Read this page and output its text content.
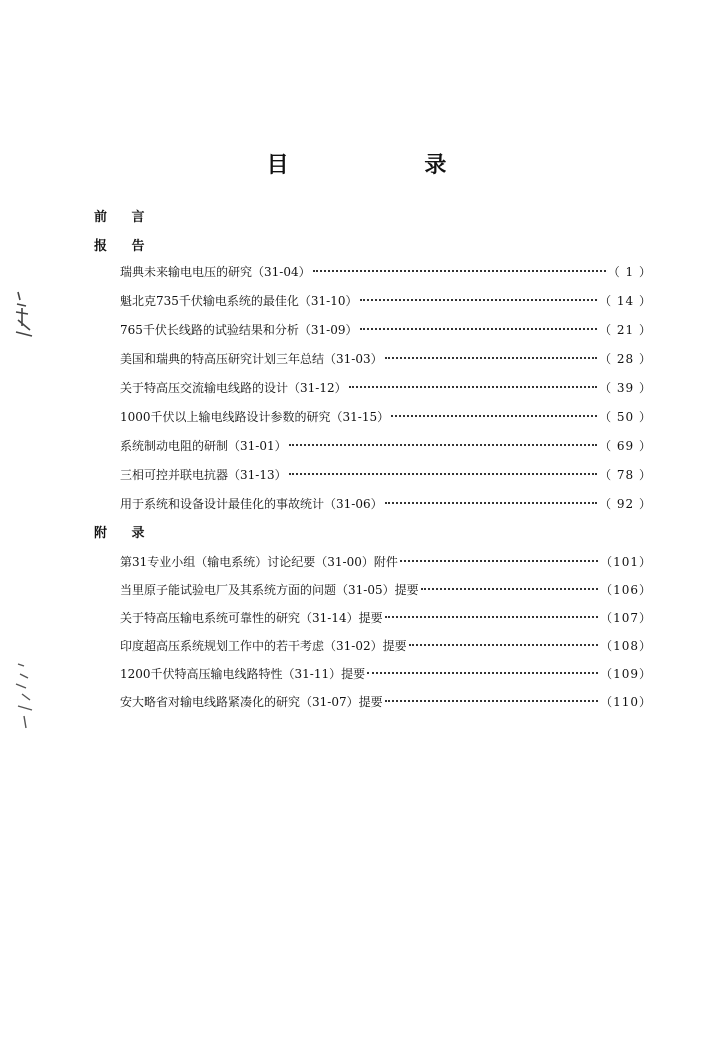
目 录
前 言
报 告
瑞典未来输电电压的研究（31-04）	（ 1 ）
魁北克735千伏输电系统的最佳化（31-10）	（ 14 ）
765千伏长线路的试验结果和分析（31-09）	（ 21 ）
美国和瑞典的特高压研究计划三年总结（31-03）	（ 28 ）
关于特高压交流输电线路的设计（31-12）	（ 39 ）
1000千伏以上输电线路设计参数的研究（31-15）	（ 50 ）
系统制动电阻的研制（31-01）	（ 69 ）
三相可控并联电抗器（31-13）	（ 78 ）
用于系统和设备设计最佳化的事故统计（31-06）	（ 92 ）
附 录
第31专业小组（输电系统）讨论纪要（31-00）附件	（101）
当里原子能试验电厂及其系统方面的问题（31-05）提要	（106）
关于特高压输电系统可靠性的研究（31-14）提要	（107）
印度超高压系统规划工作中的若干考虑（31-02）提要	（108）
1200千伏特高压输电线路特性（31-11）提要	（109）
安大略省对输电线路紧凑化的研究（31-07）提要	（110）
